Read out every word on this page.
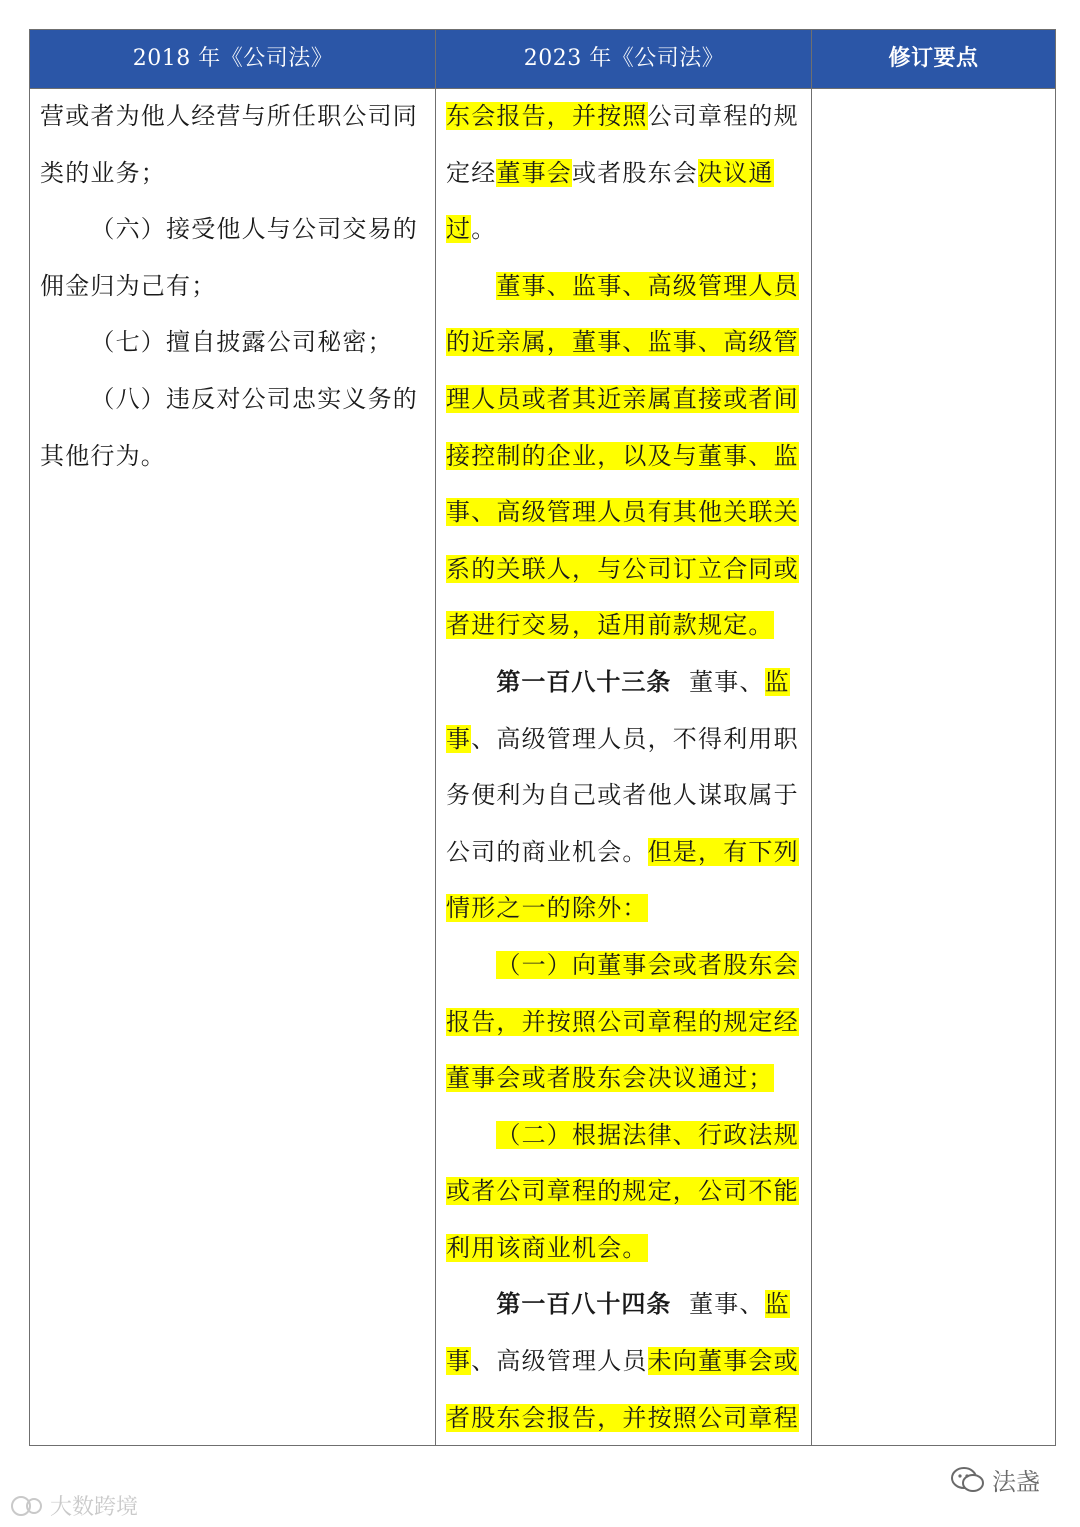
2018 年《公司法》	2023 年《公司法》	修订要点

营或者为他人经营与所任职公司同类的业务；

（六）接受他人与公司交易的佣金归为己有；

（七）擅自披露公司秘密；

（八）违反对公司忠实义务的其他行为。

东会报告，并按照公司章程的规定经董事会或者股东会决议通过。

董事、监事、高级管理人员的近亲属，董事、监事、高级管理人员或者其近亲属直接或者间接控制的企业，以及与董事、监事、高级管理人员有其他关联关系的关联人，与公司订立合同或者进行交易，适用前款规定。

第一百八十三条 董事、监事、高级管理人员，不得利用职务便利为自己或者他人谋取属于公司的商业机会。但是，有下列情形之一的除外：

（一）向董事会或者股东会报告，并按照公司章程的规定经董事会或者股东会决议通过；

（二）根据法律、行政法规或者公司章程的规定，公司不能利用该商业机会。

第一百八十四条 董事、监事、高级管理人员未向董事会或者股东会报告，并按照公司章程

大数跨境
法盏
